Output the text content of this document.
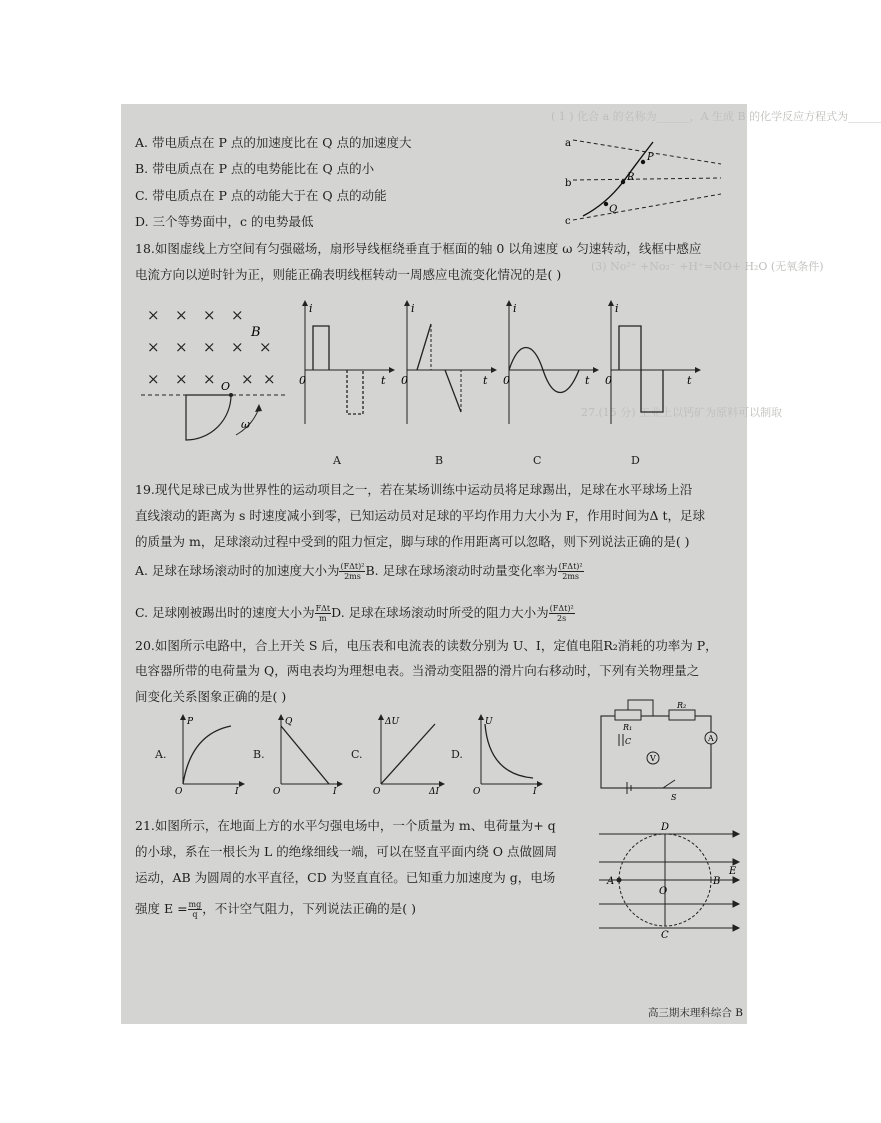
( 1 ) 化合 a 的名称为______，A 生成 B 的化学反应方程式为______
(3) No²⁺ +No₂⁻ +H⁺=NO+ H₂O (无氧条件)
27.(15 分) 工业上以钙矿为原料可以制取
A. 带电质点在 P 点的加速度比在 Q 点的加速度大
B. 带电质点在 P 点的电势能比在 Q 点的小
C. 带电质点在 P 点的动能大于在 Q 点的动能
D. 三个等势面中，c 的电势最低
a
b
c
P
R
Q
18.如图虚线上方空间有匀强磁场，扇形导线框绕垂直于框面的轴 0 以角速度 ω 匀速转动，线框中感应
电流方向以逆时针为正，则能正确表明线框转动一周感应电流变化情况的是( )
× × × ×
× × × × ×
× × × × ×
B
O
ω
i
0	t
i
0	t
i
0	t
i
0	t
A	B	C	D
19.现代足球已成为世界性的运动项目之一，若在某场训练中运动员将足球踢出，足球在水平球场上沿
直线滚动的距离为 s 时速度减小到零，已知运动员对足球的平均作用力大小为 F，作用时间为Δ t，足球
的质量为 m，足球滚动过程中受到的阻力恒定，脚与球的作用距离可以忽略，则下列说法正确的是( )
A. 足球在球场滚动时的加速度大小为 $\frac{\text{(FΔt)²}}{2ms} B$. 足球在球场滚动时动量变化率为 $\frac{\text{(FΔt)²}}{2ms}$
C. 足球刚被踢出时的速度大小为 $\frac{\text{FΔt}}{m} D$. 足球在球场滚动时所受的阻力大小为 $\frac{\text{(FΔt)²}}{2s}$
20.如图所示电路中，合上开关 S 后，电压表和电流表的读数分别为 U、I，定值电阻R₂消耗的功率为 P，
电容器所带的电荷量为 Q，两电表均为理想电表。当滑动变阻器的滑片向右移动时，下列有关物理量之
间变化关系图象正确的是( )
A.
P
O	I
B.
Q
O	I
C.
ΔU
O	ΔI
D.
U
O	I
R₁
R₂
C
V
A
S
21.如图所示，在地面上方的水平匀强电场中，一个质量为 m、电荷量为+ q
的小球，系在一根长为 L 的绝缘细线一端，可以在竖直平面内绕 O 点做圆周
运动，AB 为圆周的水平直径，CD 为竖直直径。已知重力加速度为 g，电场
强度 $E = \frac{mg}{q}$ ，不计空气阻力，下列说法正确的是( )
D
A
O
B
C
E
高三期末理科综合 B
